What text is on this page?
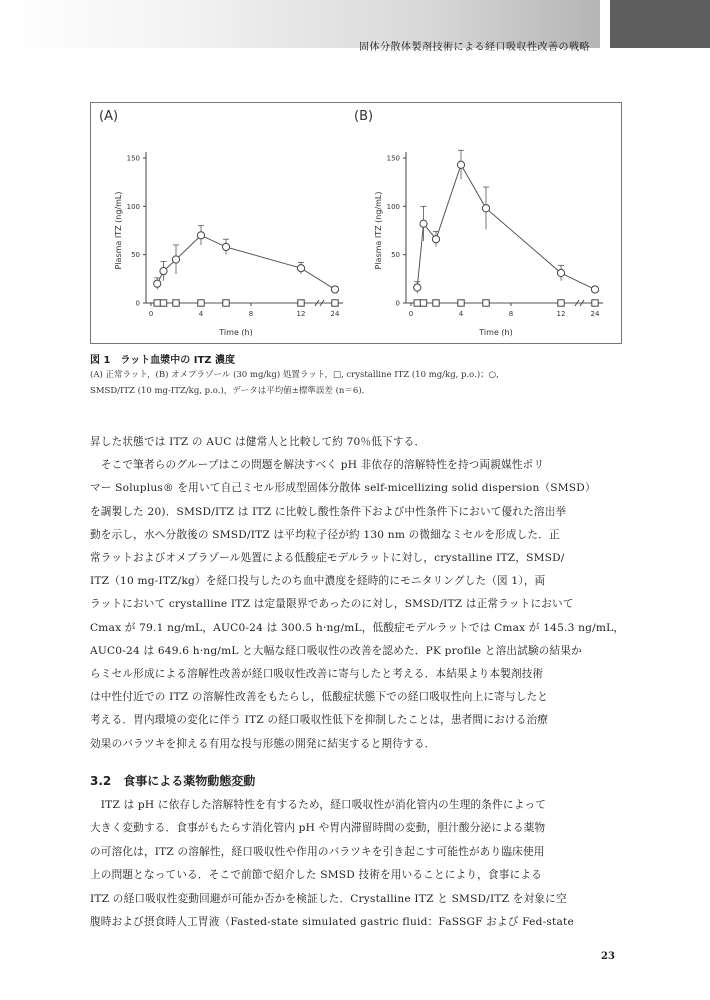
固体分散体製剤技術による経口吸収性改善の戦略
(A)	(B)
0
50
100
150
0	4	8	12	24
Time (h)
Plasma ITZ (ng/mL)
0
50
100
150
0	4	8	12	24
Time (h)
Plasma ITZ (ng/mL)
図 1　ラット血漿中の ITZ 濃度
(A) 正常ラット，(B) オメプラゾール (30 mg/kg) 処置ラット，□, crystalline ITZ (10 mg/kg, p.o.)；○,
SMSD/ITZ (10 mg-ITZ/kg, p.o.)，データは平均値±標準誤差 (n＝6)．
昇した状態では ITZ の AUC は健常人と比較して約 70％低下する．
　そこで筆者らのグループはこの問題を解決すべく pH 非依存的溶解特性を持つ両親媒性ポリ
マー Soluplus® を用いて自己ミセル形成型固体分散体 self-micellizing solid dispersion（SMSD）
を調製した 20)．SMSD/ITZ は ITZ に比較し酸性条件下および中性条件下において優れた溶出挙
動を示し，水へ分散後の SMSD/ITZ は平均粒子径が約 130 nm の微細なミセルを形成した．正
常ラットおよびオメプラゾール処置による低酸症モデルラットに対し，crystalline ITZ，SMSD/
ITZ（10 mg-ITZ/kg）を経口投与したのち血中濃度を経時的にモニタリングした（図 1），両
ラットにおいて crystalline ITZ は定量限界であったのに対し，SMSD/ITZ は正常ラットにおいて
Cmax が 79.1 ng/mL，AUC0-24 は 300.5 h·ng/mL，低酸症モデルラットでは Cmax が 145.3 ng/mL，
AUC0-24 は 649.6 h·ng/mL と大幅な経口吸収性の改善を認めた．PK profile と溶出試験の結果か
らミセル形成による溶解性改善が経口吸収性改善に寄与したと考える．本結果より本製剤技術
は中性付近での ITZ の溶解性改善をもたらし，低酸症状態下での経口吸収性向上に寄与したと
考える．胃内環境の変化に伴う ITZ の経口吸収性低下を抑制したことは，患者間における治療
効果のバラツキを抑える有用な投与形態の開発に結実すると期待する．
3.2　食事による薬物動態変動
　ITZ は pH に依存した溶解特性を有するため，経口吸収性が消化管内の生理的条件によって
大きく変動する．食事がもたらす消化管内 pH や胃内滞留時間の変動，胆汁酸分泌による薬物
の可溶化は，ITZ の溶解性，経口吸収性や作用のバラツキを引き起こす可能性があり臨床使用
上の問題となっている．そこで前節で紹介した SMSD 技術を用いることにより，食事による
ITZ の経口吸収性変動回避が可能か否かを検証した．Crystalline ITZ と SMSD/ITZ を対象に空
腹時および摂食時人工胃液（Fasted-state simulated gastric fluid：FaSSGF および Fed-state
23
